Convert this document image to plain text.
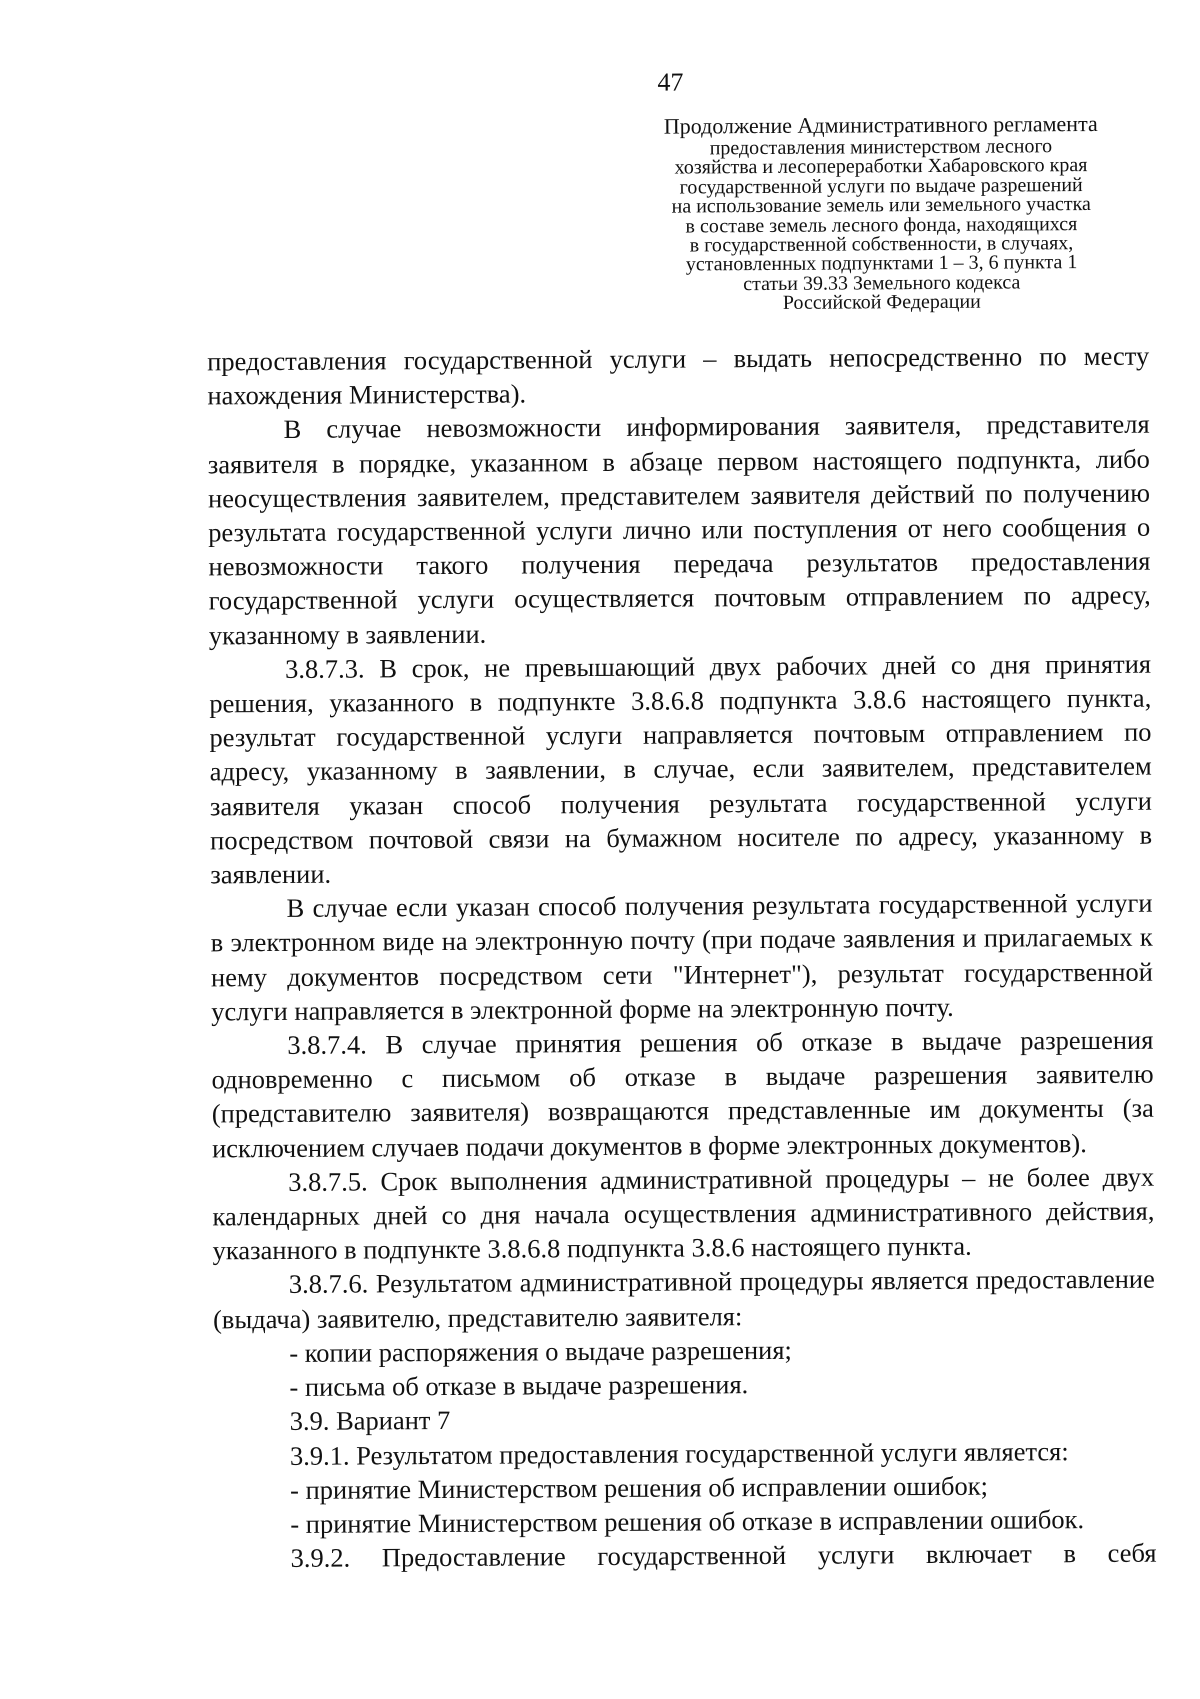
47
Продолжение Административного регламента
предоставления министерством лесного
хозяйства и лесопереработки Хабаровского края
государственной услуги по выдаче разрешений
на использование земель или земельного участка
в составе земель лесного фонда, находящихся
в государственной собственности, в случаях,
установленных подпунктами 1 – 3, 6 пункта 1
статьи 39.33 Земельного кодекса
Российской Федерации

предоставления государственной услуги – выдать непосредственно по месту нахождения Министерства).

В случае невозможности информирования заявителя, представителя заявителя в порядке, указанном в абзаце первом настоящего подпункта, либо неосуществления заявителем, представителем заявителя действий по получению результата государственной услуги лично или поступления от него сообщения о невозможности такого получения передача результатов предоставления государственной услуги осуществляется почтовым отправлением по адресу, указанному в заявлении.

3.8.7.3. В срок, не превышающий двух рабочих дней со дня принятия решения, указанного в подпункте 3.8.6.8 подпункта 3.8.6 настоящего пункта, результат государственной услуги направляется почтовым отправлением по адресу, указанному в заявлении, в случае, если заявителем, представителем заявителя указан способ получения результата государственной услуги посредством почтовой связи на бумажном носителе по адресу, указанному в заявлении.

В случае если указан способ получения результата государственной услуги в электронном виде на электронную почту (при подаче заявления и прилагаемых к нему документов посредством сети "Интернет"), результат государственной услуги направляется в электронной форме на электронную почту.

3.8.7.4. В случае принятия решения об отказе в выдаче разрешения одновременно с письмом об отказе в выдаче разрешения заявителю (представителю заявителя) возвращаются представленные им документы (за исключением случаев подачи документов в форме электронных документов).

3.8.7.5. Срок выполнения административной процедуры – не более двух календарных дней со дня начала осуществления административного действия, указанного в подпункте 3.8.6.8 подпункта 3.8.6 настоящего пункта.

3.8.7.6. Результатом административной процедуры является предоставление (выдача) заявителю, представителю заявителя:

- копии распоряжения о выдаче разрешения;

- письма об отказе в выдаче разрешения.

3.9. Вариант 7

3.9.1. Результатом предоставления государственной услуги является:

- принятие Министерством решения об исправлении ошибок;

- принятие Министерством решения об отказе в исправлении ошибок.

3.9.2. Предоставление государственной услуги включает в себя
